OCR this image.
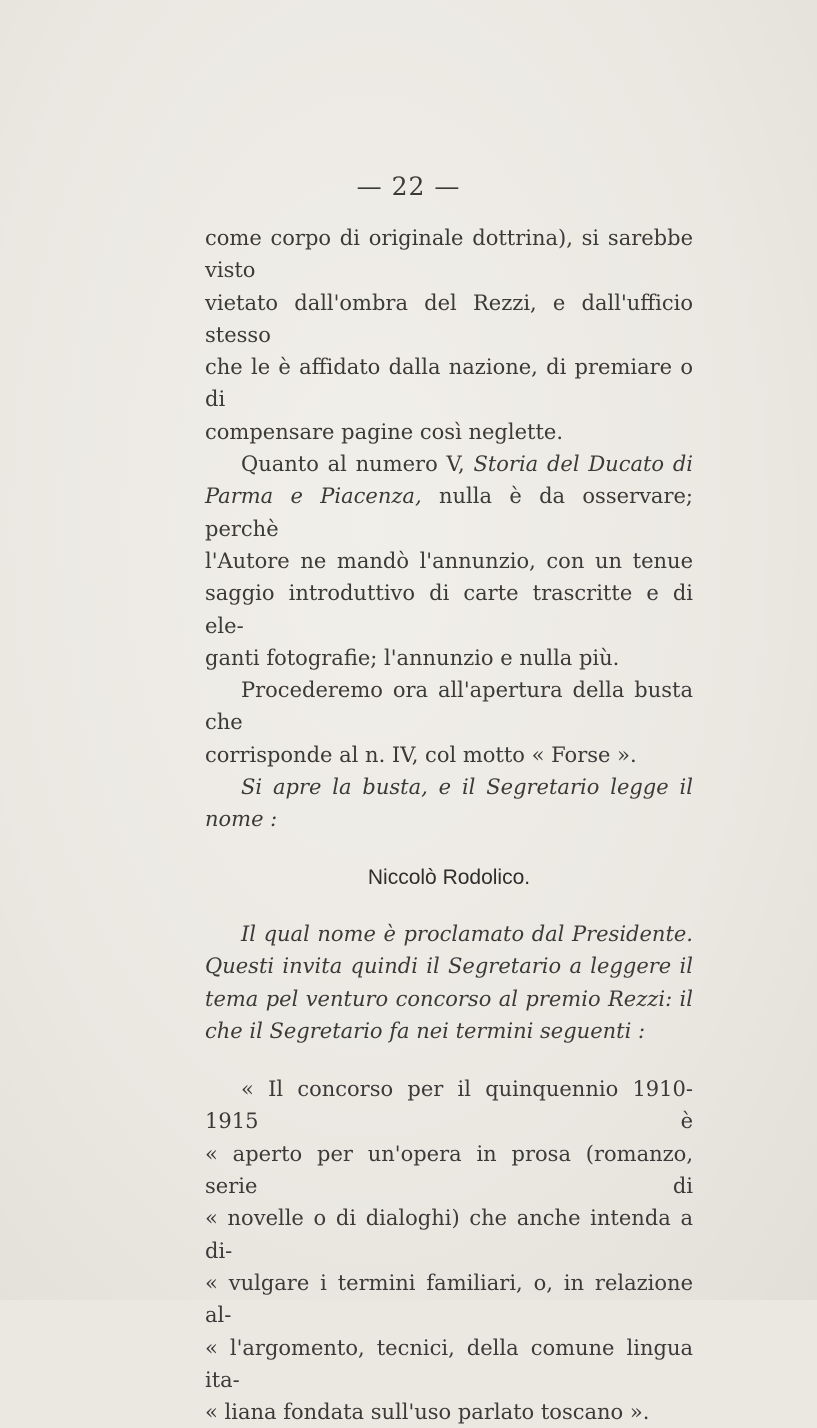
— 22 —

come corpo di originale dottrina), si sarebbe visto

vietato dall'ombra del Rezzi, e dall'ufficio stesso

che le è affidato dalla nazione, di premiare o di

compensare pagine così neglette.

Quanto al numero V, Storia del Ducato di

Parma e Piacenza, nulla è da osservare; perchè

l'Autore ne mandò l'annunzio, con un tenue

saggio introduttivo di carte trascritte e di ele-

ganti fotografie; l'annunzio e nulla più.

Procederemo ora all'apertura della busta che

corrisponde al n. IV, col motto « Forse ».

Si apre la busta, e il Segretario legge il

nome :

Niccolò Rodolico.

Il qual nome è proclamato dal Presidente.

Questi invita quindi il Segretario a leggere il

tema pel venturo concorso al premio Rezzi: il

che il Segretario fa nei termini seguenti :

« Il concorso per il quinquennio 1910-1915 è

« aperto per un'opera in prosa (romanzo, serie di

« novelle o di dialoghi) che anche intenda a di-

« vulgare i termini familiari, o, in relazione al-

« l'argomento, tecnici, della comune lingua ita-

« liana fondata sull'uso parlato toscano ».
